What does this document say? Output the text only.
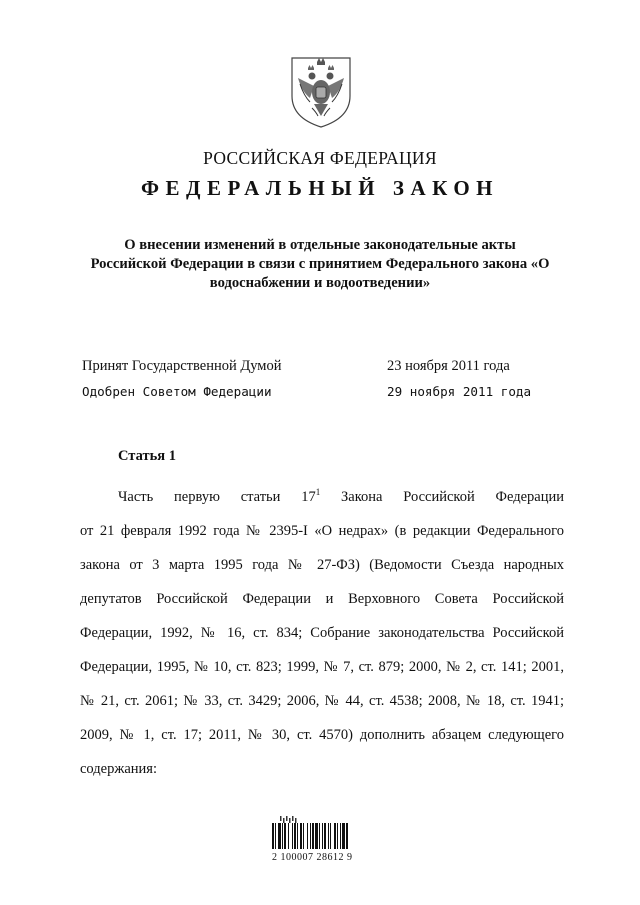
РОССИЙСКАЯ ФЕДЕРАЦИЯ
ФЕДЕРАЛЬНЫЙ ЗАКОН
О внесении изменений в отдельные законодательные акты
Российской Федерации в связи с принятием Федерального закона «О
водоснабжении и водоотведении»
Принят Государственной Думой	23 ноября 2011 года
Одобрен Советом Федерации	29 ноября 2011 года
Статья 1
Часть первую статьи $17^1$ Закона Российской Федерации
от 21 февраля 1992 года № 2395-I «О недрах» (в редакции Федерального
закона от 3 марта 1995 года № 27-ФЗ) (Ведомости Съезда народных
депутатов Российской Федерации и Верховного Совета Российской
Федерации, 1992, № 16, ст. 834; Собрание законодательства Российской
Федерации, 1995, № 10, ст. 823; 1999, № 7, ст. 879; 2000, № 2, ст. 141; 2001,
№ 21, ст. 2061; № 33, ст. 3429; 2006, № 44, ст. 4538; 2008, № 18, ст. 1941;
2009, № 1, ст. 17; 2011, № 30, ст. 4570) дополнить абзацем следующего
содержания:
2 100007 28612 9
